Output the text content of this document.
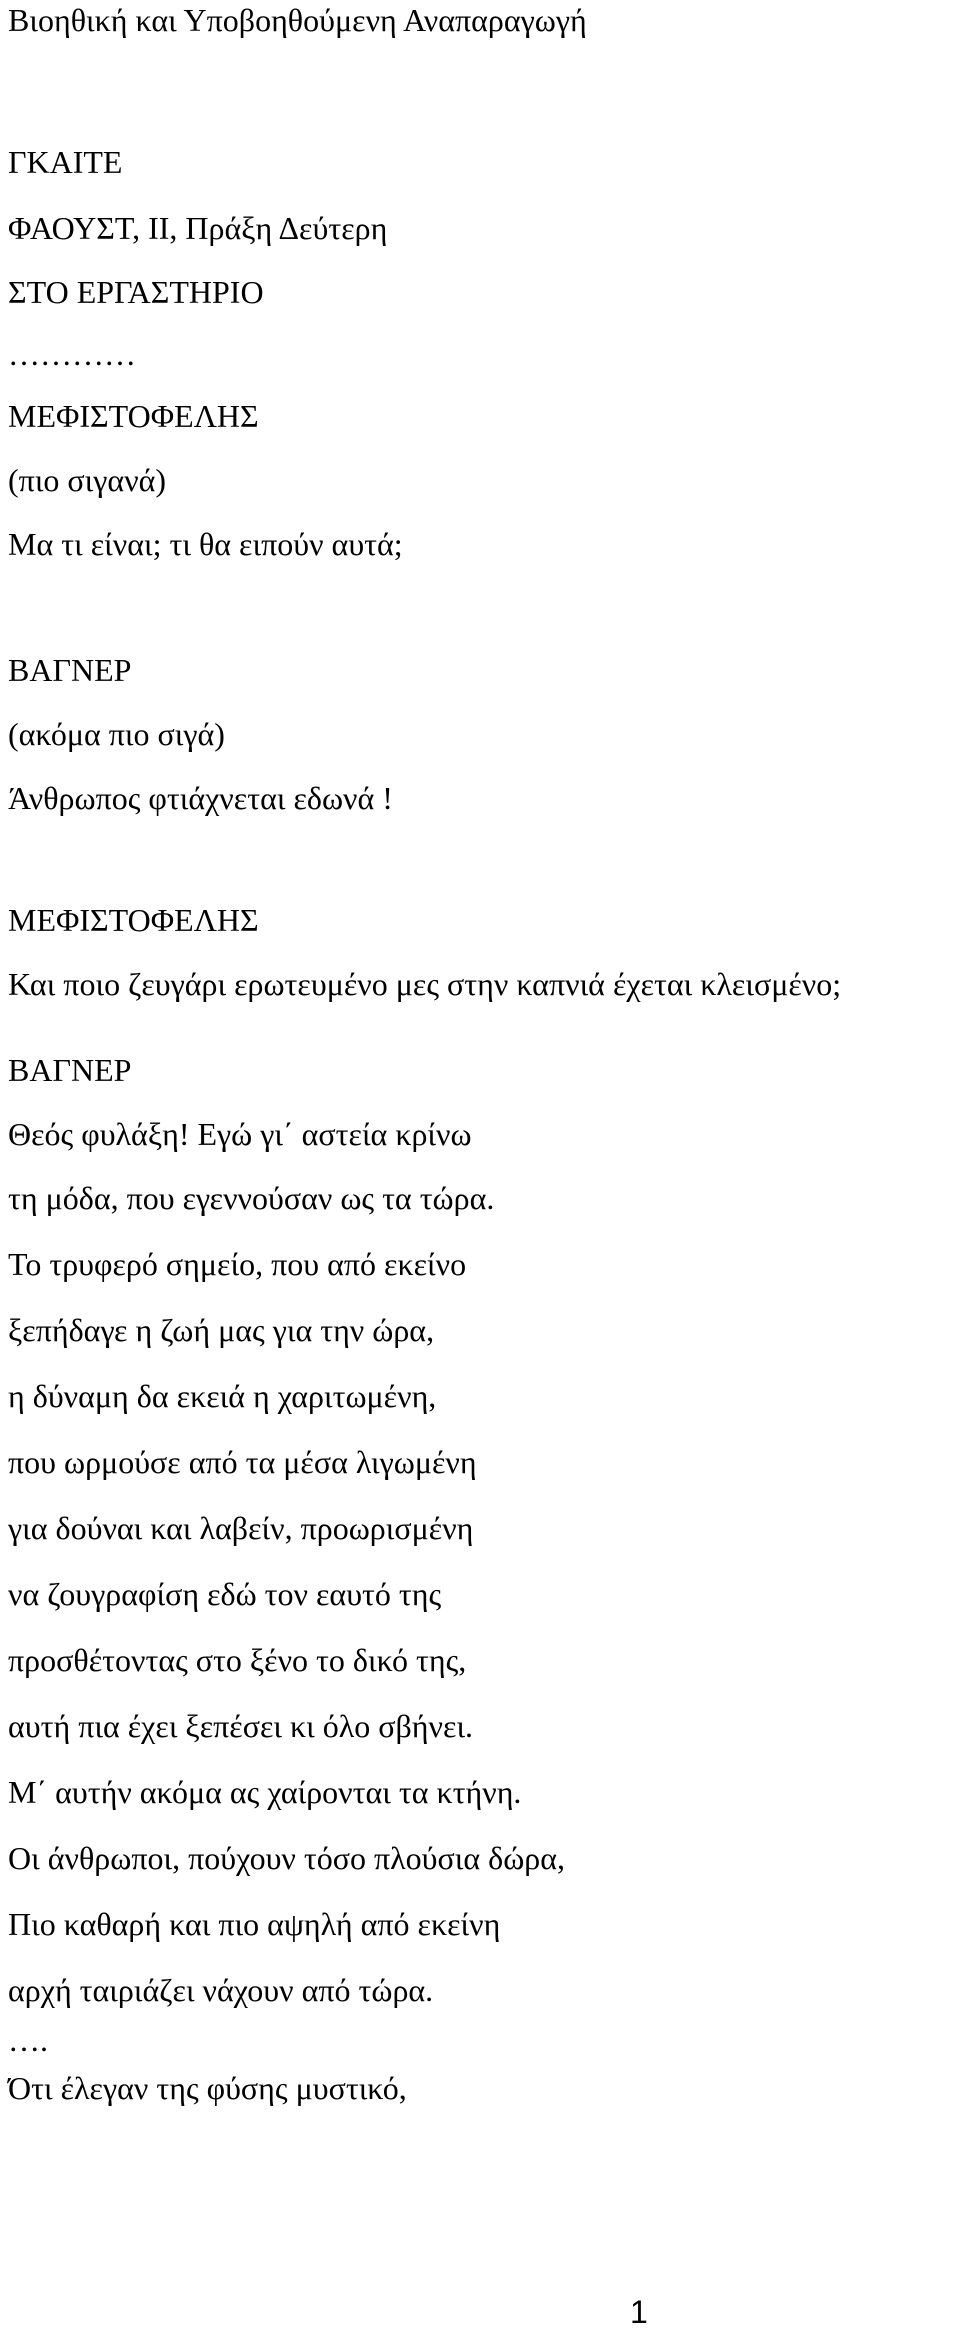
Βιοηθική και Υποβοηθούμενη Αναπαραγωγή
ΓΚΑΙΤΕ
ΦΑΟΥΣΤ, ΙΙ, Πράξη Δεύτερη
ΣΤΟ ΕΡΓΑΣΤΗΡΙΟ
…………
ΜΕΦΙΣΤΟΦΕΛΗΣ
(πιο σιγανά)
Μα τι είναι; τι θα ειπούν αυτά;
ΒΑΓΝΕΡ
(ακόμα πιο σιγά)
Άνθρωπος φτιάχνεται εδωνά !
ΜΕΦΙΣΤΟΦΕΛΗΣ
Και ποιο ζευγάρι ερωτευμένο μες στην καπνιά έχεται κλεισμένο;
ΒΑΓΝΕΡ
Θεός φυλάξη! Εγώ γι΄ αστεία κρίνω
τη μόδα, που εγεννούσαν ως τα τώρα.
Το τρυφερό σημείο, που από εκείνο
ξεπήδαγε η ζωή μας για την ώρα,
η δύναμη δα εκειά η χαριτωμένη,
που ωρμούσε από τα μέσα λιγωμένη
για δούναι και λαβείν, προωρισμένη
να ζουγραφίση εδώ τον εαυτό της
προσθέτοντας στο ξένο το δικό της,
αυτή πια έχει ξεπέσει κι όλο σβήνει.
Μ΄ αυτήν ακόμα ας χαίρονται τα κτήνη.
Οι άνθρωποι, πούχουν τόσο πλούσια δώρα,
Πιο καθαρή και πιο αψηλή από εκείνη
αρχή ταιριάζει νάχουν από τώρα.
….
Ότι έλεγαν της φύσης μυστικό,
1
